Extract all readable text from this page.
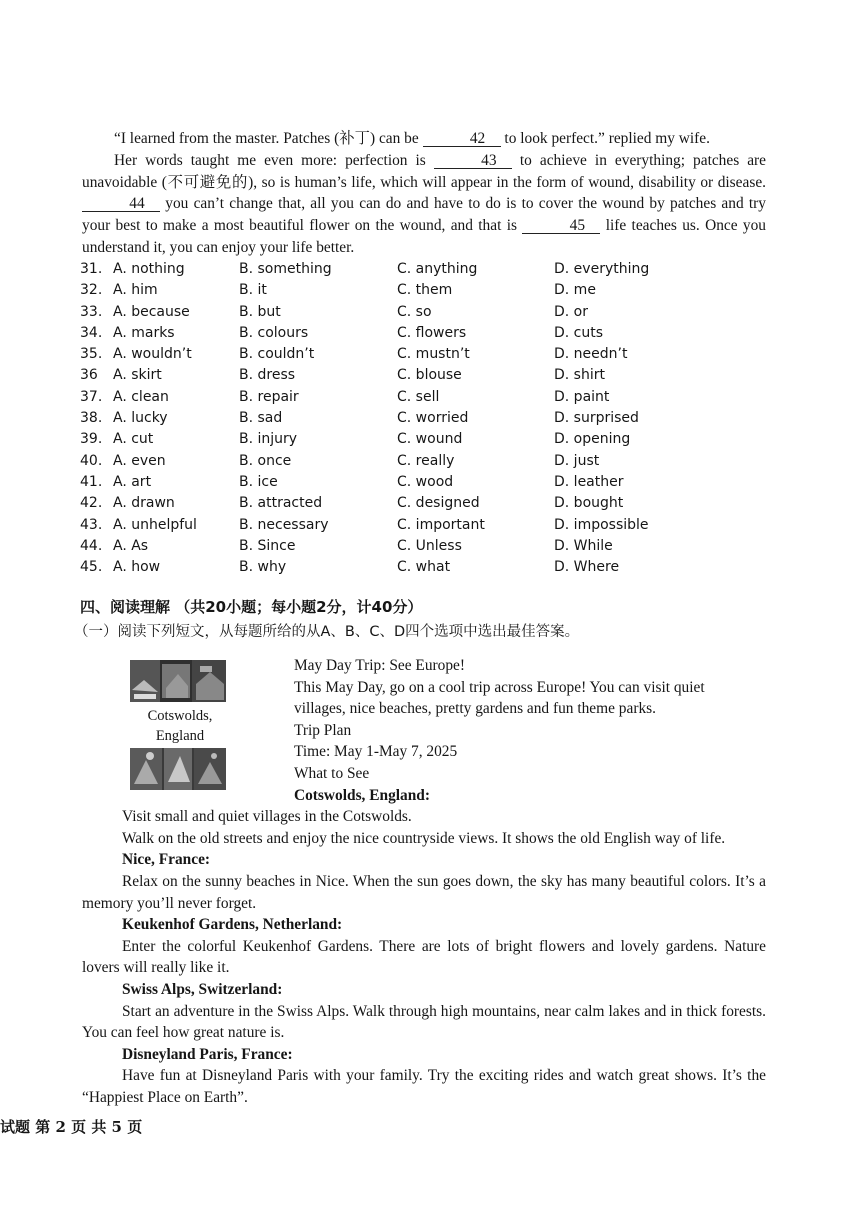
“I learned from the master. Patches (补丁) can be	42 to look perfect.” replied my wife.

Her words taught me even more: perfection is	43 to achieve in everything; patches are unavoidable (不可避免的), so is human’s life, which will appear in the form of wound, disability or disease. 44 you can’t change that, all you can do and have to do is to cover the wound by patches and try your best to make a most beautiful flower on the wound, and that is	45 life teaches us. Once you understand it, you can enjoy your life better.

31. A. nothing	B. something	C. anything	D. everything
32. A. him	B. it	C. them	D. me
33. A. because	B. but	C. so	D. or
34. A. marks	B. colours	C. flowers	D. cuts
35. A. wouldn’t	B. couldn’t	C. mustn’t	D. needn’t
36 A. skirt	B. dress	C. blouse	D. shirt
37. A. clean	B. repair	C. sell	D. paint
38. A. lucky	B. sad	C. worried	D. surprised
39. A. cut	B. injury	C. wound	D. opening
40. A. even	B. once	C. really	D. just
41. A. art	B. ice	C. wood	D. leather
42. A. drawn	B. attracted	C. designed	D. bought
43. A. unhelpful	B. necessary	C. important	D. impossible
44. A. As	B. Since	C. Unless	D. While
45. A. how	B. why	C. what	D. Where
四、阅读理解 （共20小题；每小题2分，计40分）
（一）阅读下列短文，从每题所给的从A、B、C、D四个选项中选出最佳答案。
Cotswolds,
England

May Day Trip: See Europe!

This May Day, go on a cool trip across Europe! You can visit quiet

villages, nice beaches, pretty gardens and fun theme parks.

Trip Plan

Time: May 1-May 7, 2025

What to See

Cotswolds, England:

Visit small and quiet villages in the Cotswolds.

Walk on the old streets and enjoy the nice countryside views. It shows the old English way of life.

Nice, France:

Relax on the sunny beaches in Nice. When the sun goes down, the sky has many beautiful colors. It’s a memory you’ll never forget.

Keukenhof Gardens, Netherland:

Enter the colorful Keukenhof Gardens. There are lots of bright flowers and lovely gardens. Nature lovers will really like it.

Swiss Alps, Switzerland:

Start an adventure in the Swiss Alps. Walk through high mountains, near calm lakes and in thick forests. You can feel how great nature is.

Disneyland Paris, France:

Have fun at Disneyland Paris with your family. Try the exciting rides and watch great shows. It’s the “Happiest Place on Earth”.

试题 第 2 页 共 5 页
